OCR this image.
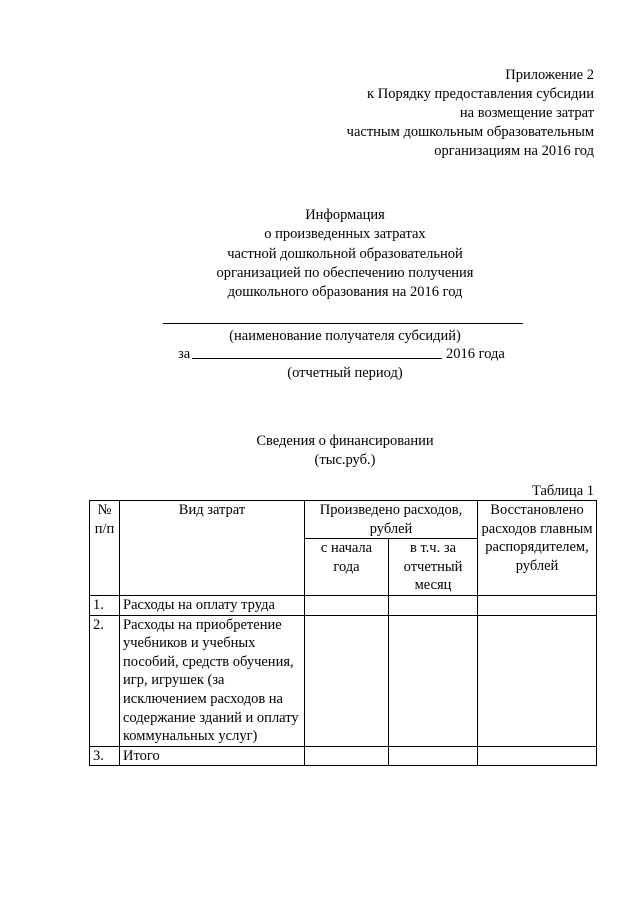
Приложение 2
к Порядку предоставления субсидии
на возмещение затрат
частным дошкольным образовательным
организациям на 2016 год
Информация
о произведенных затратах
частной дошкольной образовательной
организацией по обеспечению получения
дошкольного образования на 2016 год
(наименование получателя субсидий)
за	2016 года
(отчетный период)
Сведения о финансировании
(тыс.руб.)
Таблица 1
№ п/п	Вид затрат	Произведено расходов, рублей		Восстановлено расходов главным распорядителем, рублей
		с начала года	в т.ч. за отчетный месяц	
1.	Расходы на оплату труда			
2.	Расходы на приобретение учебников и учебных пособий, средств обучения, игр, игрушек (за исключением расходов на содержание зданий и оплату коммунальных услуг)			
3.	Итого			
